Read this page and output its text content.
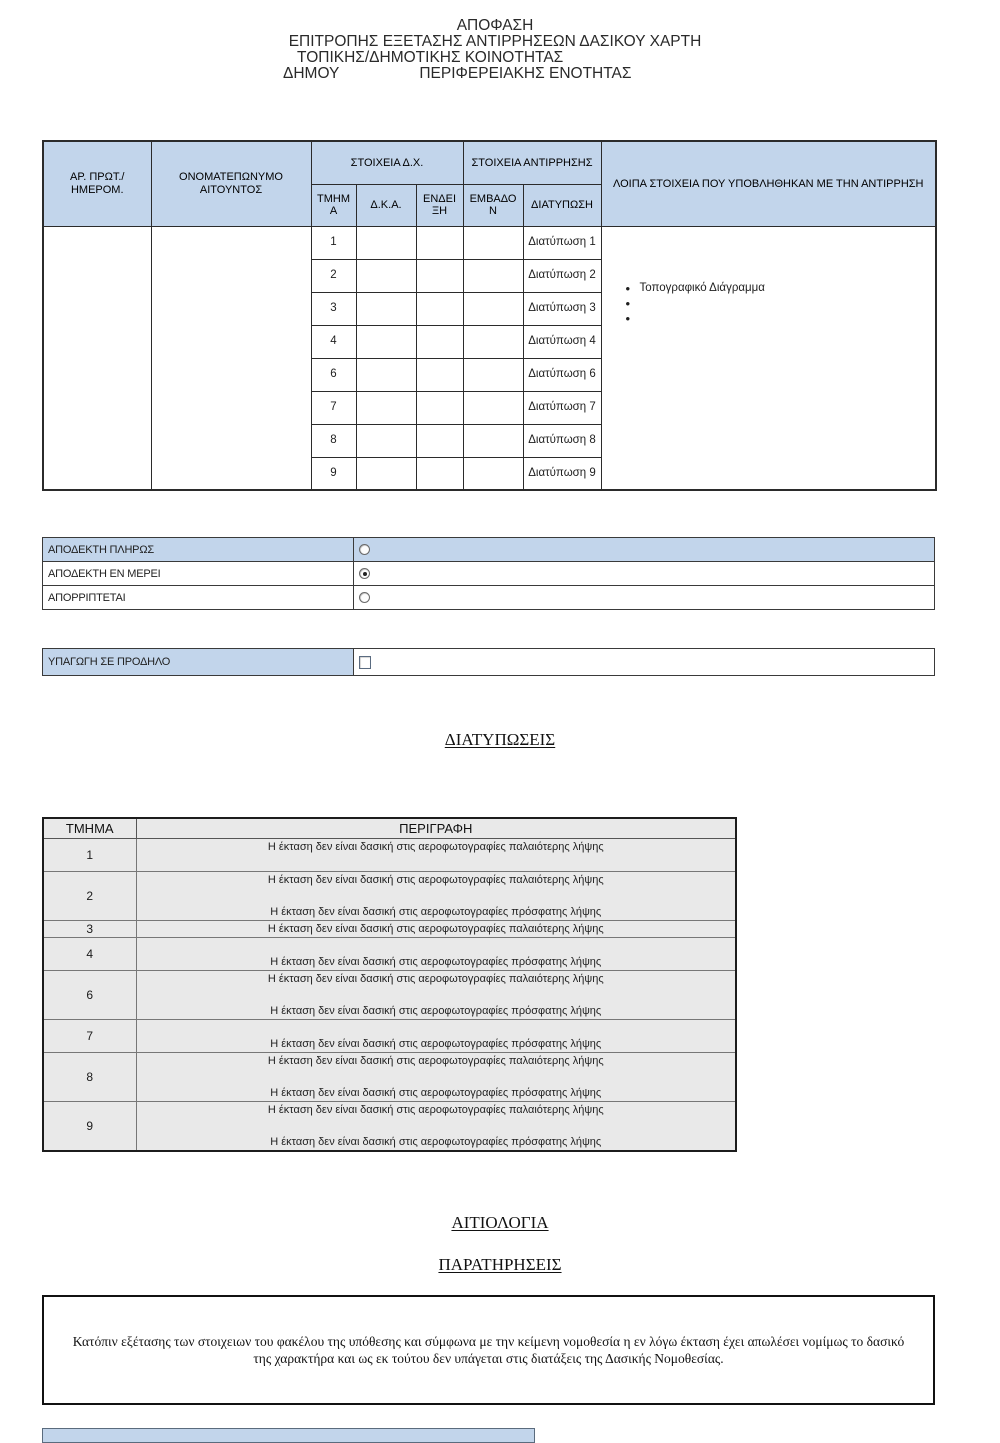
ΑΠΟΦΑΣΗ
ΕΠΙΤΡΟΠΗΣ ΕΞΕΤΑΣΗΣ ΑΝΤΙΡΡΗΣΕΩΝ ΔΑΣΙΚΟΥ ΧΑΡΤΗ
ΤΟΠΙΚΗΣ/ΔΗΜΟΤΙΚΗΣ ΚΟΙΝΟΤΗΤΑΣ
ΔΗΜΟΥ	ΠΕΡΙΦΕΡΕΙΑΚΗΣ ΕΝΟΤΗΤΑΣ
ΑΡ. ΠΡΩΤ./ ΗΜΕΡΟΜ.	ΟΝΟΜΑΤΕΠΩΝΥΜΟ ΑΙΤΟΥΝΤΟΣ	ΣΤΟΙΧΕΙΑ Δ.Χ.			ΣΤΟΙΧΕΙΑ ΑΝΤΙΡΡΗΣΗΣ		ΛΟΙΠΑ ΣΤΟΙΧΕΙΑ ΠΟΥ ΥΠΟΒΛΗΘΗΚΑΝ ΜΕ ΤΗΝ ΑΝΤΙΡΡΗΣΗ
		ΤΜΗΜΑ	Δ.Κ.Α.	ΕΝΔΕΙΞΗ	ΕΜΒΑΔΟΝ	ΔΙΑΤΥΠΩΣΗ	
		1				Διατύπωση 1	
• Τοπογραφικό Διάγραμμα
•
•

		2				Διατύπωση 2	
		3				Διατύπωση 3	
		4				Διατύπωση 4	
		6				Διατύπωση 6	
		7				Διατύπωση 7	
		8				Διατύπωση 8	
		9				Διατύπωση 9	
ΑΠΟΔΕΚΤΗ ΠΛΗΡΩΣ	
ΑΠΟΔΕΚΤΗ ΕΝ ΜΕΡΕΙ	
ΑΠΟΡΡΙΠΤΕΤΑΙ	
ΥΠΑΓΩΓΗ ΣΕ ΠΡΟΔΗΛΟ	
ΔΙΑΤΥΠΩΣΕΙΣ
ΤΜΗΜΑ	ΠΕΡΙΓΡΑΦΗ
1	Η έκταση δεν είναι δασική στις αεροφωτογραφίες παλαιότερης λήψης

2	Η έκταση δεν είναι δασική στις αεροφωτογραφίες παλαιότερης λήψης

Η έκταση δεν είναι δασική στις αεροφωτογραφίες πρόσφατης λήψης

3	Η έκταση δεν είναι δασική στις αεροφωτογραφίες παλαιότερης λήψης

4	Η έκταση δεν είναι δασική στις αεροφωτογραφίες πρόσφατης λήψης

6	Η έκταση δεν είναι δασική στις αεροφωτογραφίες παλαιότερης λήψης

Η έκταση δεν είναι δασική στις αεροφωτογραφίες πρόσφατης λήψης

7	Η έκταση δεν είναι δασική στις αεροφωτογραφίες πρόσφατης λήψης

8	Η έκταση δεν είναι δασική στις αεροφωτογραφίες παλαιότερης λήψης

Η έκταση δεν είναι δασική στις αεροφωτογραφίες πρόσφατης λήψης

9	Η έκταση δεν είναι δασική στις αεροφωτογραφίες παλαιότερης λήψης

Η έκταση δεν είναι δασική στις αεροφωτογραφίες πρόσφατης λήψης
ΑΙΤΙΟΛΟΓΙΑ
ΠΑΡΑΤΗΡΗΣΕΙΣ
Κατόπιν εξέτασης των στοιχειων του φακέλου της υπόθεσης και σύμφωνα με την κείμενη νομοθεσία η εν λόγω έκταση έχει απωλέσει νομίμως το δασικό της χαρακτήρα και ως εκ τούτου δεν υπάγεται στις διατάξεις της Δασικής Νομοθεσίας.
